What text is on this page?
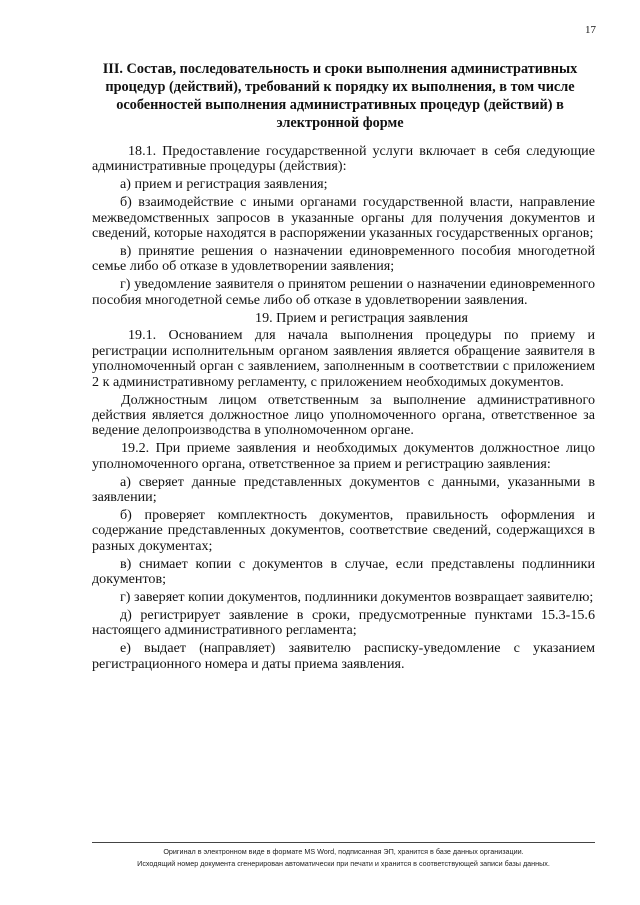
17
III. Состав, последовательность и сроки выполнения административных процедур (действий), требований к порядку их выполнения, в том числе особенностей выполнения административных процедур (действий) в электронной форме

18.1. Предоставление государственной услуги включает в себя следующие административные процедуры (действия):

а) прием и регистрация заявления;

б) взаимодействие с иными органами государственной власти, направление межведомственных запросов в указанные органы для получения документов и сведений, которые находятся в распоряжении указанных государственных органов;

в) принятие решения о назначении единовременного пособия многодетной семье либо об отказе в удовлетворении заявления;

г) уведомление заявителя о принятом решении о назначении единовременного пособия многодетной семье либо об отказе в удовлетворении заявления.

19. Прием и регистрация заявления

19.1. Основанием для начала выполнения процедуры по приему и регистрации исполнительным органом заявления является обращение заявителя в уполномоченный орган с заявлением, заполненным в соответствии с приложением 2 к административному регламенту, с приложением необходимых документов.

Должностным лицом ответственным за выполнение административного действия является должностное лицо уполномоченного органа, ответственное за ведение делопроизводства в уполномоченном органе.

19.2. При приеме заявления и необходимых документов должностное лицо уполномоченного органа, ответственное за прием и регистрацию заявления:

а) сверяет данные представленных документов с данными, указанными в заявлении;

б) проверяет комплектность документов, правильность оформления и содержание представленных документов, соответствие сведений, содержащихся в разных документах;

в) снимает копии с документов в случае, если представлены подлинники документов;

г) заверяет копии документов, подлинники документов возвращает заявителю;

д) регистрирует заявление в сроки, предусмотренные пунктами 15.3-15.6 настоящего административного регламента;

е) выдает (направляет) заявителю расписку-уведомление с указанием регистрационного номера и даты приема заявления.

Оригинал в электронном виде в формате MS Word, подписанная ЭП, хранится в базе данных организации.
Исходящий номер документа сгенерирован автоматически при печати и хранится в соответствующей записи базы данных.
